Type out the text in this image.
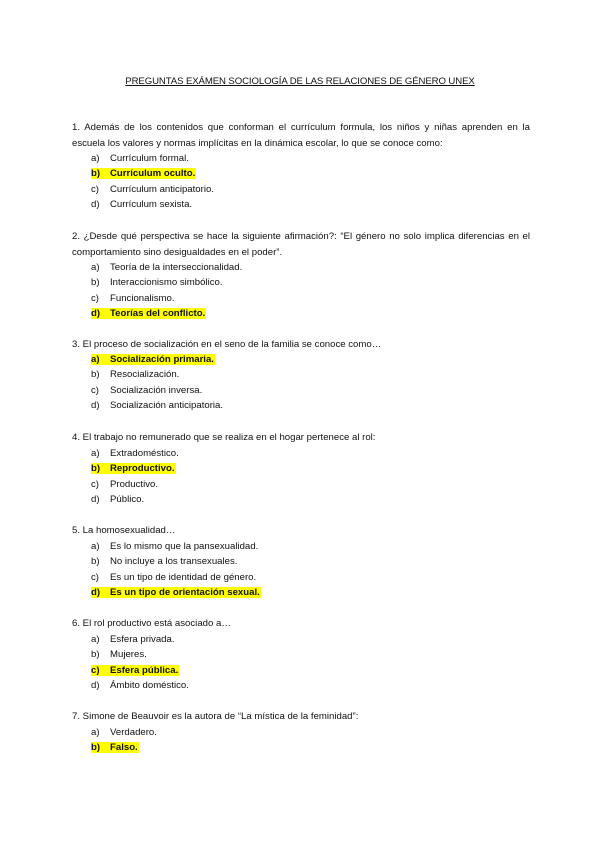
PREGUNTAS EXÁMEN SOCIOLOGÍA DE LAS RELACIONES DE GÉNERO UNEX
1. Además de los contenidos que conforman el currículum formula, los niños y niñas aprenden en la escuela los valores y normas implícitas en la dinámica escolar, lo que se conoce como:
a) Currículum formal.
b) Currículum oculto.
c) Currículum anticipatorio.
d) Currículum sexista.
2. ¿Desde qué perspectiva se hace la siguiente afirmación?: “El género no solo implica diferencias en el comportamiento sino desigualdades en el poder”.
a) Teoría de la interseccionalidad.
b) Interaccionismo simbólico.
c) Funcionalismo.
d) Teorías del conflicto.
3. El proceso de socialización en el seno de la familia se conoce como…
a) Socialización primaria.
b) Resocialización.
c) Socialización inversa.
d) Socialización anticipatoria.
4. El trabajo no remunerado que se realiza en el hogar pertenece al rol:
a) Extradoméstico.
b) Reproductivo.
c) Productivo.
d) Público.
5. La homosexualidad…
a) Es lo mismo que la pansexualidad.
b) No incluye a los transexuales.
c) Es un tipo de identidad de género.
d) Es un tipo de orientación sexual.
6. El rol productivo está asociado a…
a) Esfera privada.
b) Mujeres.
c) Esfera pública.
d) Ámbito doméstico.
7. Simone de Beauvoir es la autora de “La mística de la feminidad”:
a) Verdadero.
b) Falso.
